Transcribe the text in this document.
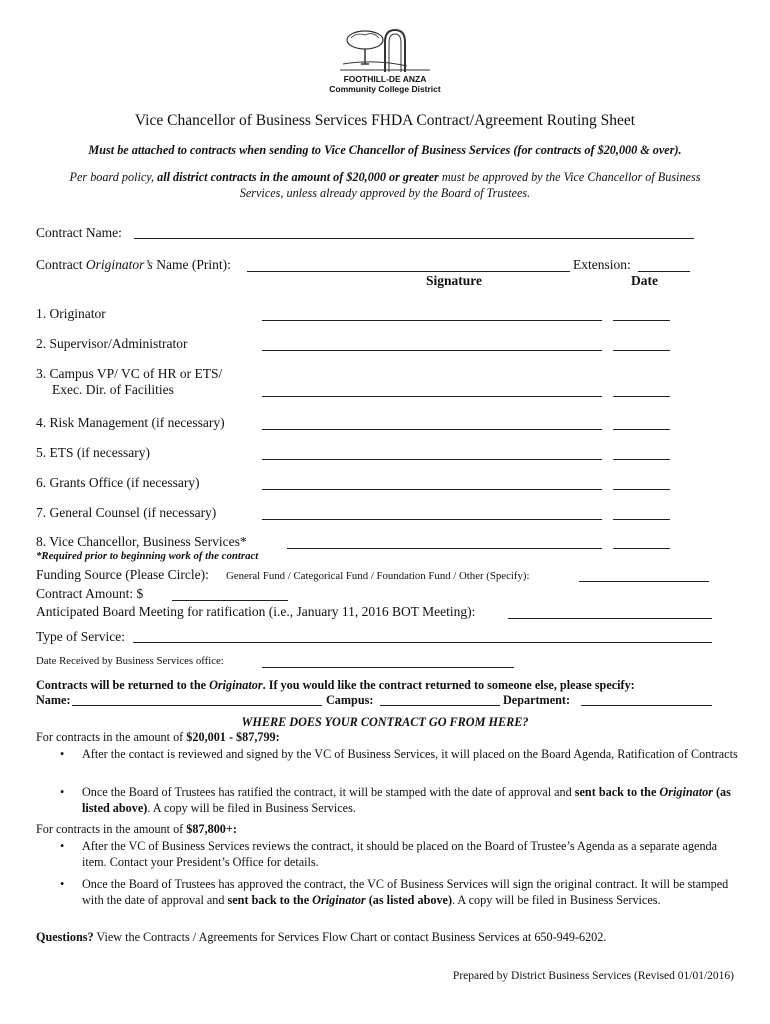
FOOTHILL-DE ANZA
Community College District
Vice Chancellor of Business Services FHDA Contract/Agreement Routing Sheet
Must be attached to contracts when sending to Vice Chancellor of Business Services (for contracts of $20,000 & over).
Per board policy, all district contracts in the amount of $20,000 or greater must be approved by the Vice Chancellor of Business
Services, unless already approved by the Board of Trustees.
Contract Name:
Contract Originator’s Name (Print):	Extension:
Signature	Date
1. Originator
2. Supervisor/Administrator
3. Campus VP/ VC of HR or ETS/
Exec. Dir. of Facilities
4. Risk Management (if necessary)
5. ETS (if necessary)
6. Grants Office (if necessary)
7. General Counsel (if necessary)
8. Vice Chancellor, Business Services*
*Required prior to beginning work of the contract
Funding Source (Please Circle): General Fund / Categorical Fund / Foundation Fund / Other (Specify):
Contract Amount: $
Anticipated Board Meeting for ratification (i.e., January 11, 2016 BOT Meeting):
Type of Service:
Date Received by Business Services office:
Contracts will be returned to the Originator. If you would like the contract returned to someone else, please specify:
Name:	Campus:	Department:
WHERE DOES YOUR CONTRACT GO FROM HERE?
For contracts in the amount of $20,001 - $87,799:
• After the contact is reviewed and signed by the VC of Business Services, it will placed on the Board Agenda, Ratification of Contracts
• Once the Board of Trustees has ratified the contract, it will be stamped with the date of approval and sent back to the Originator (as listed above). A copy will be filed in Business Services.
For contracts in the amount of $87,800+:
• After the VC of Business Services reviews the contract, it should be placed on the Board of Trustee’s Agenda as a separate agenda item. Contact your President’s Office for details.
• Once the Board of Trustees has approved the contract, the VC of Business Services will sign the original contract. It will be stamped with the date of approval and sent back to the Originator (as listed above). A copy will be filed in Business Services.
Questions? View the Contracts / Agreements for Services Flow Chart or contact Business Services at 650-949-6202.
Prepared by District Business Services (Revised 01/01/2016)
